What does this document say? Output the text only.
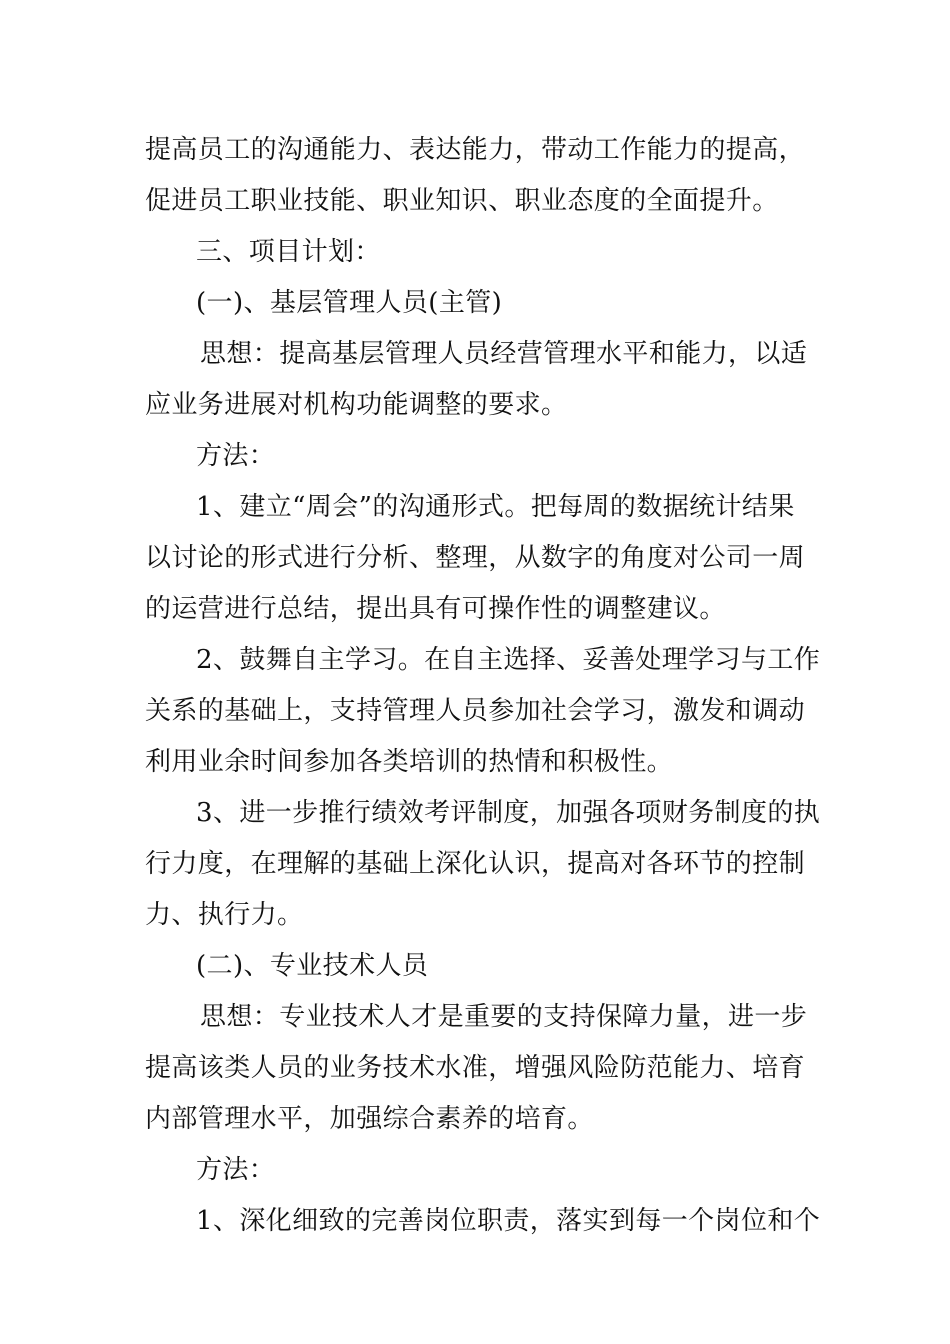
提高员工的沟通能力、表达能力，带动工作能力的提高，

促进员工职业技能、职业知识、职业态度的全面提升。

三、项目计划：

(一)、基层管理人员(主管)

思想：提高基层管理人员经营管理水平和能力，以适

应业务进展对机构功能调整的要求。

方法：

1、建立“周会”的沟通形式。把每周的数据统计结果

以讨论的形式进行分析、整理，从数字的角度对公司一周

的运营进行总结，提出具有可操作性的调整建议。

2、鼓舞自主学习。在自主选择、妥善处理学习与工作

关系的基础上，支持管理人员参加社会学习，激发和调动

利用业余时间参加各类培训的热情和积极性。

3、进一步推行绩效考评制度，加强各项财务制度的执

行力度，在理解的基础上深化认识，提高对各环节的控制

力、执行力。

(二)、专业技术人员

思想：专业技术人才是重要的支持保障力量，进一步

提高该类人员的业务技术水准，增强风险防范能力、培育

内部管理水平，加强综合素养的培育。

方法：

1、深化细致的完善岗位职责，落实到每一个岗位和个
